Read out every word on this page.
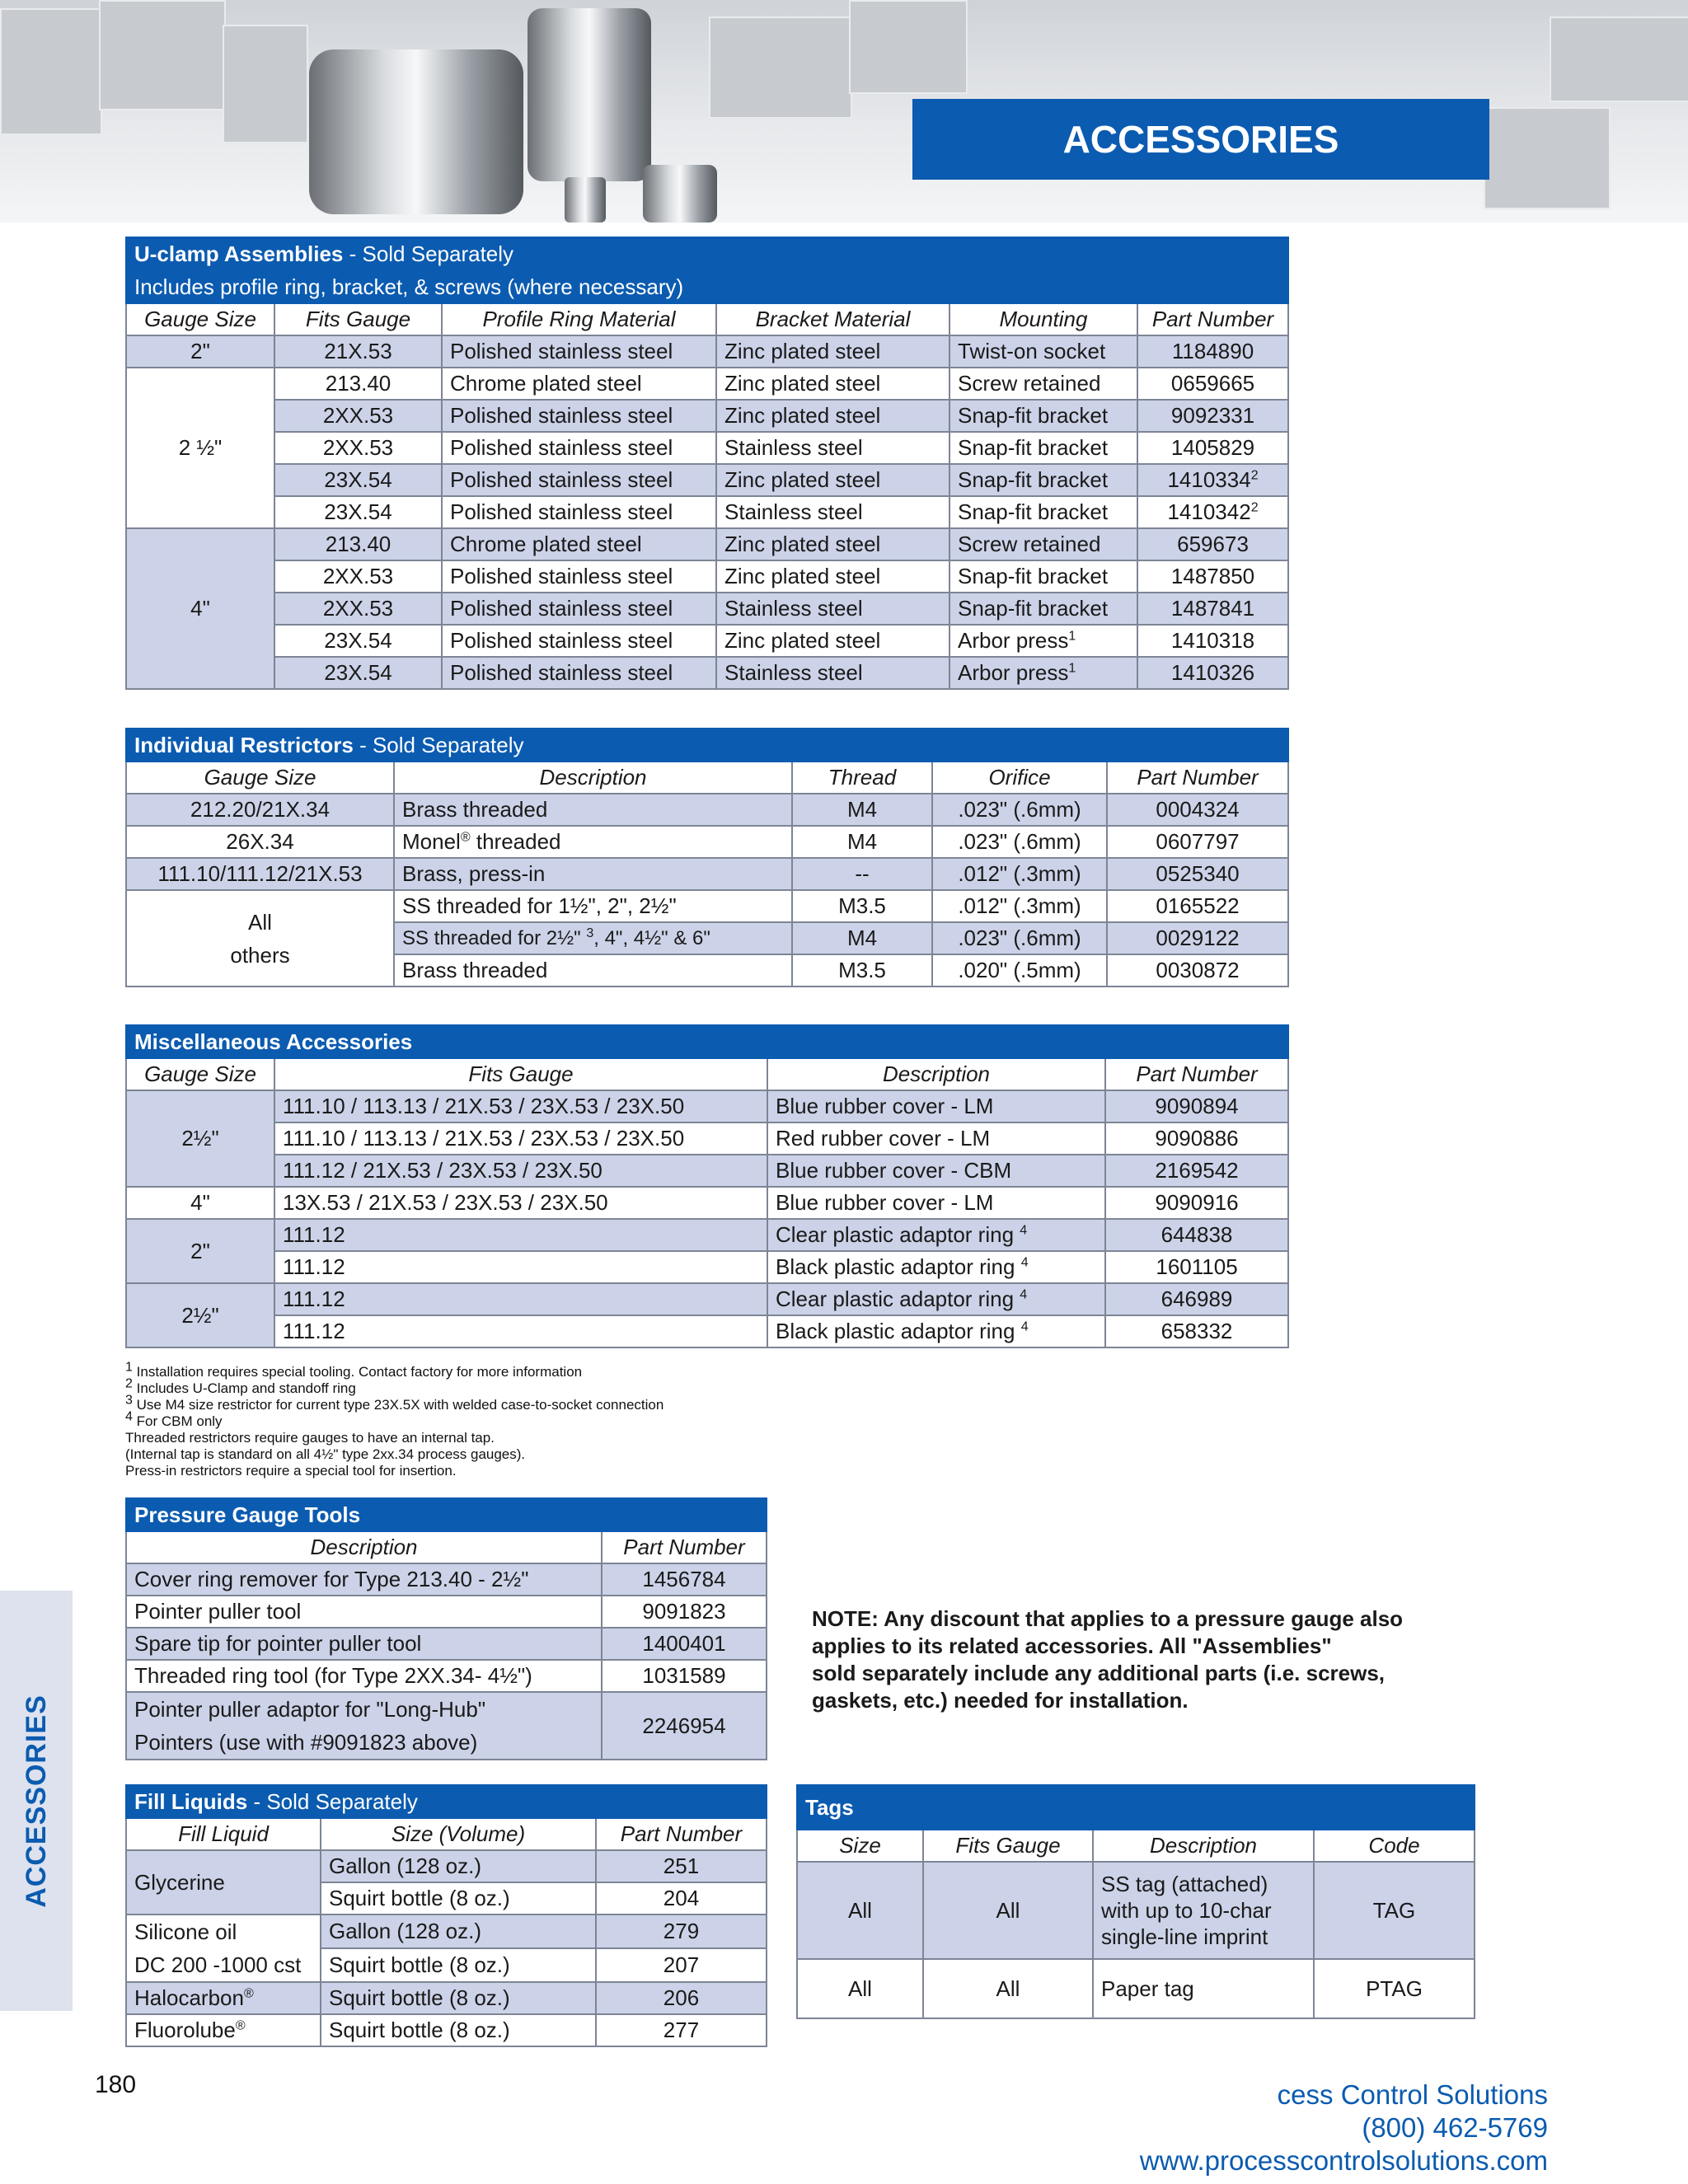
ACCESSORIES
ACCESSORIES
U-clamp Assemblies - Sold Separately					
Includes profile ring, bracket, & screws (where necessary)					
Gauge Size	Fits Gauge	Profile Ring Material	Bracket Material	Mounting	Part Number
2"	21X.53	Polished stainless steel	Zinc plated steel	Twist-on socket	1184890
2 ½"	213.40	Chrome plated steel	Zinc plated steel	Screw retained	0659665
	2XX.53	Polished stainless steel	Zinc plated steel	Snap-fit bracket	9092331
	2XX.53	Polished stainless steel	Stainless steel	Snap-fit bracket	1405829
	23X.54	Polished stainless steel	Zinc plated steel	Snap-fit bracket	1410334$^2$
	23X.54	Polished stainless steel	Stainless steel	Snap-fit bracket	1410342$^2$
4"	213.40	Chrome plated steel	Zinc plated steel	Screw retained	659673
	2XX.53	Polished stainless steel	Zinc plated steel	Snap-fit bracket	1487850
	2XX.53	Polished stainless steel	Stainless steel	Snap-fit bracket	1487841
	23X.54	Polished stainless steel	Zinc plated steel	Arbor press$^1$	1410318
	23X.54	Polished stainless steel	Stainless steel	Arbor press$^1$	1410326
Individual Restrictors - Sold Separately				
Gauge Size	Description	Thread	Orifice	Part Number
212.20/21X.34	Brass threaded	M4	.023" (.6mm)	0004324
26X.34	Monel® threaded	M4	.023" (.6mm)	0607797
111.10/111.12/21X.53	Brass, press-in	--	.012" (.3mm)	0525340
All
others	SS threaded for 1½", 2", 2½"	M3.5	.012" (.3mm)	0165522
	SS threaded for 2½" $^3$, 4", 4½" & 6"	M4	.023" (.6mm)	0029122
	Brass threaded	M3.5	.020" (.5mm)	0030872
Miscellaneous Accessories			
Gauge Size	Fits Gauge	Description	Part Number
2½"	111.10 / 113.13 / 21X.53 / 23X.53 / 23X.50	Blue rubber cover - LM	9090894
	111.10 / 113.13 / 21X.53 / 23X.53 / 23X.50	Red rubber cover - LM	9090886
	111.12 / 21X.53 / 23X.53 / 23X.50	Blue rubber cover - CBM	2169542
4"	13X.53 / 21X.53 / 23X.53 / 23X.50	Blue rubber cover - LM	9090916
2"	111.12	Clear plastic adaptor ring $^4$	644838
	111.12	Black plastic adaptor ring $^4$	1601105
2½"	111.12	Clear plastic adaptor ring $^4$	646989
	111.12	Black plastic adaptor ring $^4$	658332
$^1$ Installation requires special tooling. Contact factory for more information
$^2$ Includes U-Clamp and standoff ring
$^3$ Use M4 size restrictor for current type 23X.5X with welded case-to-socket connection
$^4$ For CBM only
Threaded restrictors require gauges to have an internal tap.
(Internal tap is standard on all 4½" type 2xx.34 process gauges).
Press-in restrictors require a special tool for insertion.
Pressure Gauge Tools	
Description	Part Number
Cover ring remover for Type 213.40 - 2½"	1456784
Pointer puller tool	9091823
Spare tip for pointer puller tool	1400401
Threaded ring tool (for Type 2XX.34- 4½")	1031589
Pointer puller adaptor for "Long-Hub"
Pointers (use with #9091823 above)	2246954
Fill Liquids - Sold Separately		
Fill Liquid	Size (Volume)	Part Number
Glycerine	Gallon (128 oz.)	251
	Squirt bottle (8 oz.)	204
Silicone oil
DC 200 -1000 cst	Gallon (128 oz.)	279
	Squirt bottle (8 oz.)	207
Halocarbon®	Squirt bottle (8 oz.)	206
Fluorolube®	Squirt bottle (8 oz.)	277
NOTE: Any discount that applies to a pressure gauge also
applies to its related accessories. All "Assemblies"
sold separately include any additional parts (i.e. screws,
gaskets, etc.) needed for installation.
Tags			
Size	Fits Gauge	Description	Code
All	All	SS tag (attached)
with up to 10-char
single-line imprint	TAG
All	All	Paper tag	PTAG
180	cess Control Solutions
(800) 462-5769
www.processcontrolsolutions.com
